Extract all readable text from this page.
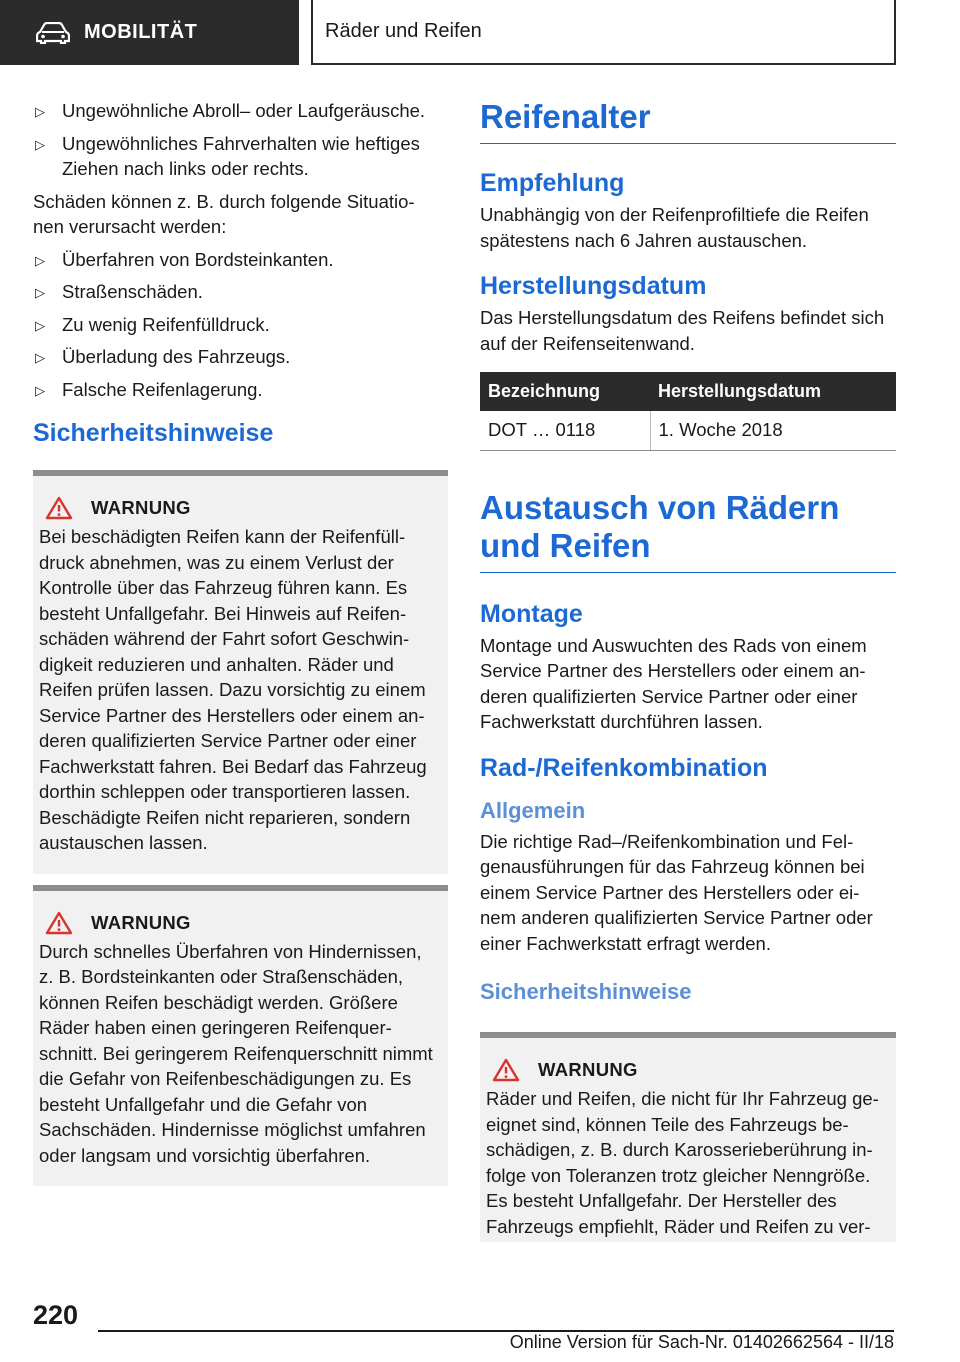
MOBILITÄT	Räder und Reifen
▷ Ungewöhnliche Abroll– oder Laufgeräusche.
▷ Ungewöhnliches Fahrverhalten wie heftiges Ziehen nach links oder rechts.

Schäden können z. B. durch folgende Situatio‐ nen verursacht werden:

▷ Überfahren von Bordsteinkanten.
▷ Straßenschäden.
▷ Zu wenig Reifenfülldruck.
▷ Überladung des Fahrzeugs.
▷ Falsche Reifenlagerung.
Sicherheitshinweise
WARNUNG

Bei beschädigten Reifen kann der Reifenfüll‐ druck abnehmen, was zu einem Verlust der Kontrolle über das Fahrzeug führen kann. Es besteht Unfallgefahr. Bei Hinweis auf Reifen‐ schäden während der Fahrt sofort Geschwin‐ digkeit reduzieren und anhalten. Räder und Reifen prüfen lassen. Dazu vorsichtig zu einem Service Partner des Herstellers oder einem an‐ deren qualifizierten Service Partner oder einer Fachwerkstatt fahren. Bei Bedarf das Fahrzeug dorthin schleppen oder transportieren lassen. Beschädigte Reifen nicht reparieren, sondern austauschen lassen.

WARNUNG

Durch schnelles Überfahren von Hindernissen, z. B. Bordsteinkanten oder Straßenschäden, können Reifen beschädigt werden. Größere Räder haben einen geringeren Reifenquer‐ schnitt. Bei geringerem Reifenquerschnitt nimmt die Gefahr von Reifenbeschädigungen zu. Es besteht Unfallgefahr und die Gefahr von Sachschäden. Hindernisse möglichst umfahren oder langsam und vorsichtig überfahren.

Reifenalter
Empfehlung

Unabhängig von der Reifenprofiltiefe die Reifen spätestens nach 6 Jahren austauschen.

Herstellungsdatum

Das Herstellungsdatum des Reifens befindet sich auf der Reifenseitenwand.

Bezeichnung	Herstellungsdatum
DOT … 0118	1. Woche 2018
Austausch von Rädern und Reifen
Montage

Montage und Auswuchten des Rads von einem Service Partner des Herstellers oder einem an‐ deren qualifizierten Service Partner oder einer Fachwerkstatt durchführen lassen.

Rad‐/Reifenkombination
Allgemein

Die richtige Rad–/Reifenkombination und Fel‐ genausführungen für das Fahrzeug können bei einem Service Partner des Herstellers oder ei‐ nem anderen qualifizierten Service Partner oder einer Fachwerkstatt erfragt werden.

Sicherheitshinweise
WARNUNG

Räder und Reifen, die nicht für Ihr Fahrzeug ge‐ eignet sind, können Teile des Fahrzeugs be‐ schädigen, z. B. durch Karosserieberührung in‐ folge von Toleranzen trotz gleicher Nenngröße. Es besteht Unfallgefahr. Der Hersteller des Fahrzeugs empfiehlt, Räder und Reifen zu ver‐

220
Online Version für Sach-Nr. 01402662564 - II/18
